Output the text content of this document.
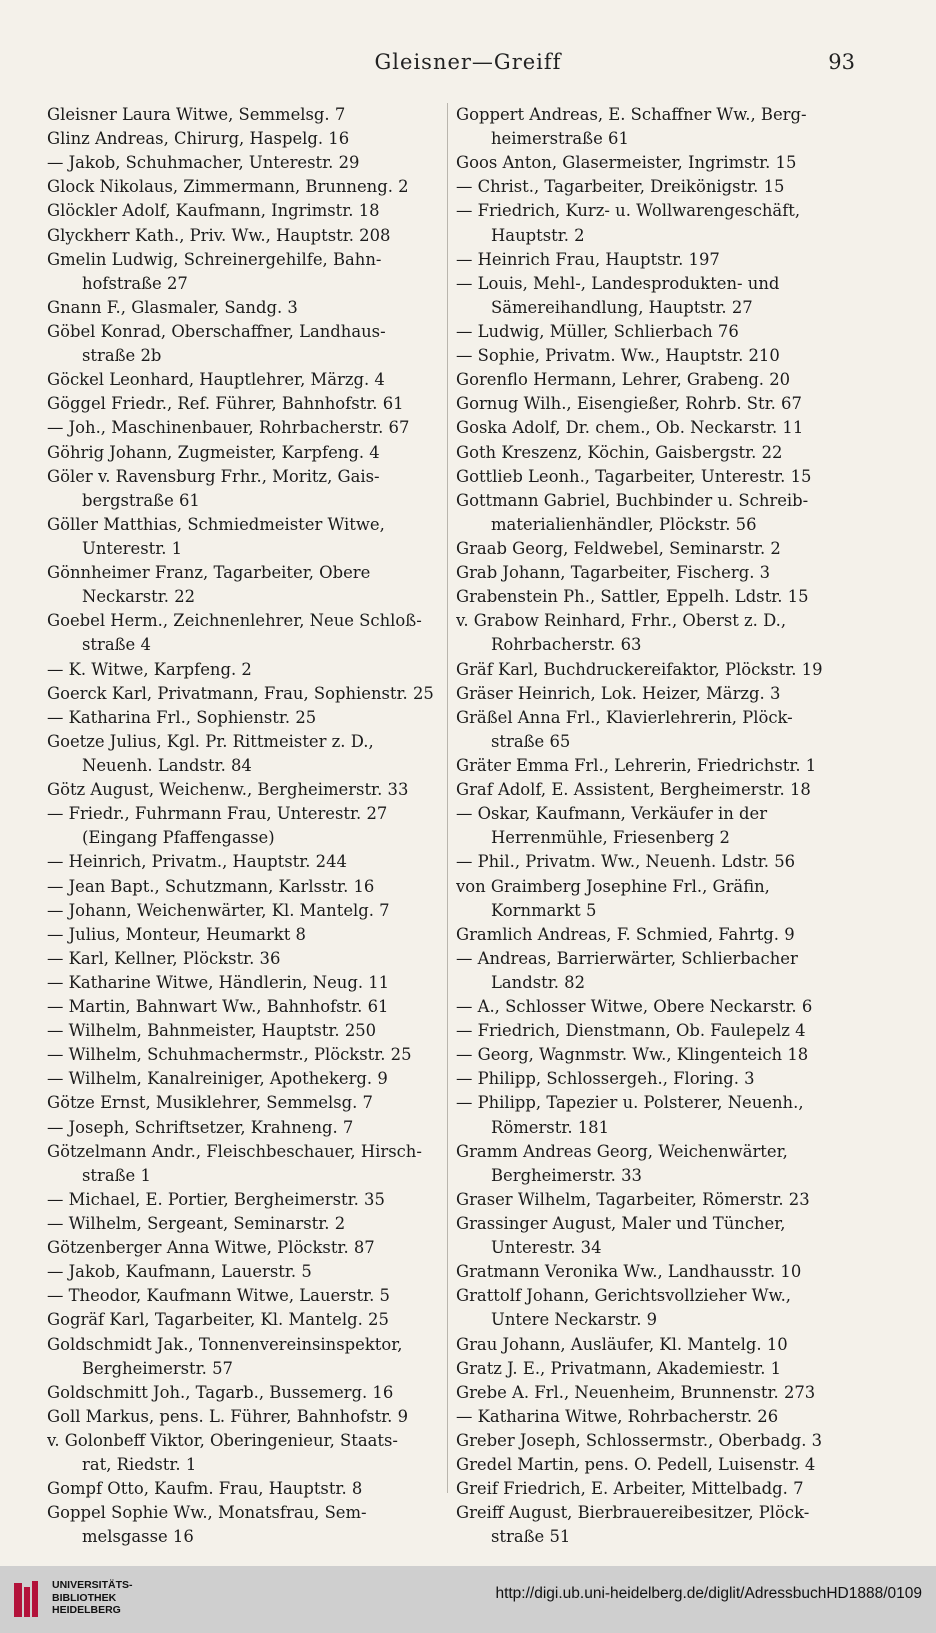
Gleisner—Greiff	93
Gleisner Laura Witwe, Semmelsg. 7
Glinz Andreas, Chirurg, Haspelg. 16
— Jakob, Schuhmacher, Unterestr. 29
Glock Nikolaus, Zimmermann, Brunneng. 2
Glöckler Adolf, Kaufmann, Ingrimstr. 18
Glyckherr Kath., Priv. Ww., Hauptstr. 208
Gmelin Ludwig, Schreinergehilfe, Bahn-
hofstraße 27
Gnann F., Glasmaler, Sandg. 3
Göbel Konrad, Oberschaffner, Landhaus-
straße 2b
Göckel Leonhard, Hauptlehrer, Märzg. 4
Göggel Friedr., Ref. Führer, Bahnhofstr. 61
— Joh., Maschinenbauer, Rohrbacherstr. 67
Göhrig Johann, Zugmeister, Karpfeng. 4
Göler v. Ravensburg Frhr., Moritz, Gais-
bergstraße 61
Göller Matthias, Schmiedmeister Witwe,
Unterestr. 1
Gönnheimer Franz, Tagarbeiter, Obere
Neckarstr. 22
Goebel Herm., Zeichnenlehrer, Neue Schloß-
straße 4
— K. Witwe, Karpfeng. 2
Goerck Karl, Privatmann, Frau, Sophienstr. 25
— Katharina Frl., Sophienstr. 25
Goetze Julius, Kgl. Pr. Rittmeister z. D.,
Neuenh. Landstr. 84
Götz August, Weichenw., Bergheimerstr. 33
— Friedr., Fuhrmann Frau, Unterestr. 27
(Eingang Pfaffengasse)
— Heinrich, Privatm., Hauptstr. 244
— Jean Bapt., Schutzmann, Karlsstr. 16
— Johann, Weichenwärter, Kl. Mantelg. 7
— Julius, Monteur, Heumarkt 8
— Karl, Kellner, Plöckstr. 36
— Katharine Witwe, Händlerin, Neug. 11
— Martin, Bahnwart Ww., Bahnhofstr. 61
— Wilhelm, Bahnmeister, Hauptstr. 250
— Wilhelm, Schuhmachermstr., Plöckstr. 25
— Wilhelm, Kanalreiniger, Apothekerg. 9
Götze Ernst, Musiklehrer, Semmelsg. 7
— Joseph, Schriftsetzer, Krahneng. 7
Götzelmann Andr., Fleischbeschauer, Hirsch-
straße 1
— Michael, E. Portier, Bergheimerstr. 35
— Wilhelm, Sergeant, Seminarstr. 2
Götzenberger Anna Witwe, Plöckstr. 87
— Jakob, Kaufmann, Lauerstr. 5
— Theodor, Kaufmann Witwe, Lauerstr. 5
Gogräf Karl, Tagarbeiter, Kl. Mantelg. 25
Goldschmidt Jak., Tonnenvereinsinspektor,
Bergheimerstr. 57
Goldschmitt Joh., Tagarb., Bussemerg. 16
Goll Markus, pens. L. Führer, Bahnhofstr. 9
v. Golonbeff Viktor, Oberingenieur, Staats-
rat, Riedstr. 1
Gompf Otto, Kaufm. Frau, Hauptstr. 8
Goppel Sophie Ww., Monatsfrau, Sem-
melsgasse 16
Goppert Andreas, E. Schaffner Ww., Berg-
heimerstraße 61
Goos Anton, Glasermeister, Ingrimstr. 15
— Christ., Tagarbeiter, Dreikönigstr. 15
— Friedrich, Kurz- u. Wollwarengeschäft,
Hauptstr. 2
— Heinrich Frau, Hauptstr. 197
— Louis, Mehl-, Landesprodukten- und
Sämereihandlung, Hauptstr. 27
— Ludwig, Müller, Schlierbach 76
— Sophie, Privatm. Ww., Hauptstr. 210
Gorenflo Hermann, Lehrer, Grabeng. 20
Gornug Wilh., Eisengießer, Rohrb. Str. 67
Goska Adolf, Dr. chem., Ob. Neckarstr. 11
Goth Kreszenz, Köchin, Gaisbergstr. 22
Gottlieb Leonh., Tagarbeiter, Unterestr. 15
Gottmann Gabriel, Buchbinder u. Schreib-
materialienhändler, Plöckstr. 56
Graab Georg, Feldwebel, Seminarstr. 2
Grab Johann, Tagarbeiter, Fischerg. 3
Grabenstein Ph., Sattler, Eppelh. Ldstr. 15
v. Grabow Reinhard, Frhr., Oberst z. D.,
Rohrbacherstr. 63
Gräf Karl, Buchdruckereifaktor, Plöckstr. 19
Gräser Heinrich, Lok. Heizer, Märzg. 3
Gräßel Anna Frl., Klavierlehrerin, Plöck-
straße 65
Gräter Emma Frl., Lehrerin, Friedrichstr. 1
Graf Adolf, E. Assistent, Bergheimerstr. 18
— Oskar, Kaufmann, Verkäufer in der
Herrenmühle, Friesenberg 2
— Phil., Privatm. Ww., Neuenh. Ldstr. 56
von Graimberg Josephine Frl., Gräfin,
Kornmarkt 5
Gramlich Andreas, F. Schmied, Fahrtg. 9
— Andreas, Barrierwärter, Schlierbacher
Landstr. 82
— A., Schlosser Witwe, Obere Neckarstr. 6
— Friedrich, Dienstmann, Ob. Faulepelz 4
— Georg, Wagnmstr. Ww., Klingenteich 18
— Philipp, Schlossergeh., Floring. 3
— Philipp, Tapezier u. Polsterer, Neuenh.,
Römerstr. 181
Gramm Andreas Georg, Weichenwärter,
Bergheimerstr. 33
Graser Wilhelm, Tagarbeiter, Römerstr. 23
Grassinger August, Maler und Tüncher,
Unterestr. 34
Gratmann Veronika Ww., Landhausstr. 10
Grattolf Johann, Gerichtsvollzieher Ww.,
Untere Neckarstr. 9
Grau Johann, Ausläufer, Kl. Mantelg. 10
Gratz J. E., Privatmann, Akademiestr. 1
Grebe A. Frl., Neuenheim, Brunnenstr. 273
— Katharina Witwe, Rohrbacherstr. 26
Greber Joseph, Schlossermstr., Oberbadg. 3
Gredel Martin, pens. O. Pedell, Luisenstr. 4
Greif Friedrich, E. Arbeiter, Mittelbadg. 7
Greiff August, Bierbrauereibesitzer, Plöck-
straße 51
UNIVERSITÄTS-
BIBLIOTHEK
HEIDELBERG
http://digi.ub.uni-heidelberg.de/diglit/AdressbuchHD1888/0109
